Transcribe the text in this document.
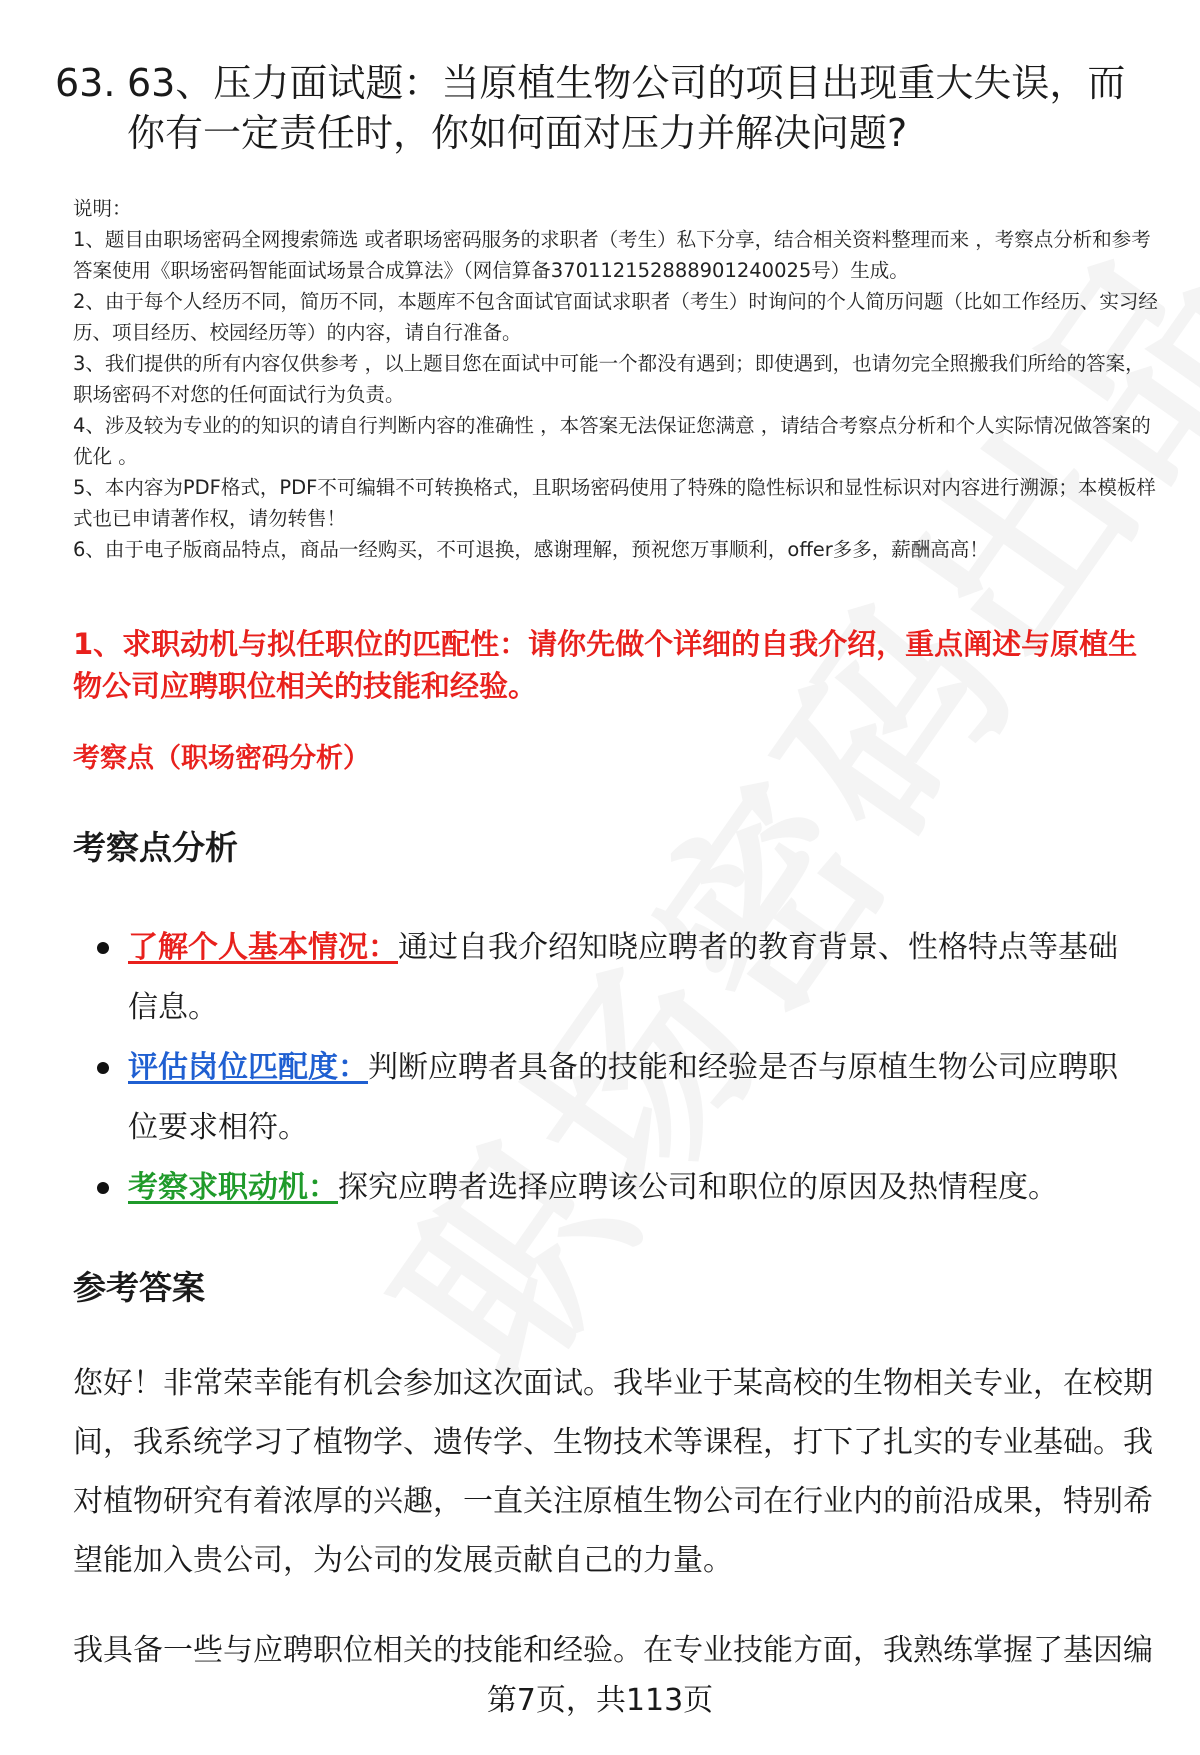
63. 63、压力面试题：当原植生物公司的项目出现重大失误，而你有一定责任时，你如何面对压力并解决问题?

说明：

1、题目由职场密码全网搜索筛选 或者职场密码服务的求职者（考生）私下分享，结合相关资料整理而来 ，考察点分析和参考答案使用《职场密码智能面试场景合成算法》（网信算备370112152888901240025号）生成。

2、由于每个人经历不同，简历不同，本题库不包含面试官面试求职者（考生）时询问的个人简历问题（比如工作经历、实习经历、项目经历、校园经历等）的内容，请自行准备。

3、我们提供的所有内容仅供参考 ，以上题目您在面试中可能一个都没有遇到；即使遇到，也请勿完全照搬我们所给的答案，职场密码不对您的任何面试行为负责。

4、涉及较为专业的的知识的请自行判断内容的准确性 ，本答案无法保证您满意 ，请结合考察点分析和个人实际情况做答案的优化 。

5、本内容为PDF格式，PDF不可编辑不可转换格式，且职场密码使用了特殊的隐性标识和显性标识对内容进行溯源；本模板样式也已申请著作权，请勿转售！

6、由于电子版商品特点，商品一经购买，不可退换，感谢理解，预祝您万事顺利，offer多多，薪酬高高！

1、求职动机与拟任职位的匹配性：请你先做个详细的自我介绍，重点阐述与原植生物公司应聘职位相关的技能和经验。

考察点（职场密码分析）
考察点分析
了解个人基本情况：通过自我介绍知晓应聘者的教育背景、性格特点等基础信息。
评估岗位匹配度：判断应聘者具备的技能和经验是否与原植生物公司应聘职位要求相符。
考察求职动机：探究应聘者选择应聘该公司和职位的原因及热情程度。
参考答案

您好！非常荣幸能有机会参加这次面试。我毕业于某高校的生物相关专业，在校期间，我系统学习了植物学、遗传学、生物技术等课程，打下了扎实的专业基础。我对植物研究有着浓厚的兴趣，一直关注原植生物公司在行业内的前沿成果，特别希望能加入贵公司，为公司的发展贡献自己的力量。

我具备一些与应聘职位相关的技能和经验。在专业技能方面，我熟练掌握了基因编

第7页，共113页
